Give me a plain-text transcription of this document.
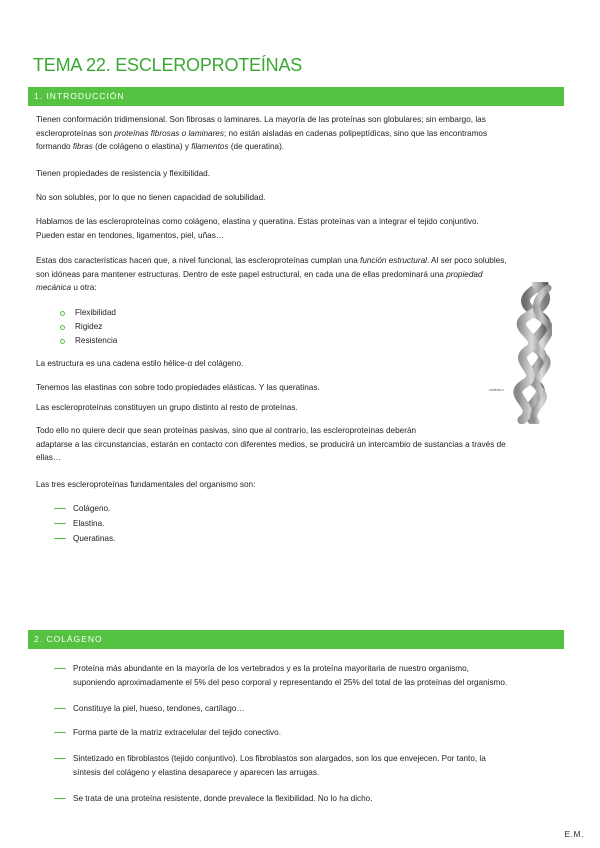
TEMA 22. ESCLEROPROTEÍNAS
1. INTRODUCCIÓN
Tienen conformación tridimensional. Son fibrosas o laminares. La mayoría de las proteínas son globulares; sin embargo, las
escleroproteínas son proteínas fibrosas o laminares; no están aisladas en cadenas polipeptídicas, sino que las encontramos
formando fibras (de colágeno o elastina) y filamentos (de queratina).
Tienen propiedades de resistencia y flexibilidad.
No son solubles, por lo que no tienen capacidad de solubilidad.
Hablamos de las escleroproteínas como colágeno, elastina y queratina. Estas proteínas van a integrar el tejido conjuntivo.
Pueden estar en tendones, ligamentos, piel, uñas…
Estas dos características hacen que, a nivel funcional, las escleroproteínas cumplan una función estructural. Al ser poco solubles,
son idóneas para mantener estructuras. Dentro de este papel estructural, en cada una de ellas predominará una propiedad
mecánica u otra:
Flexibilidad
Rigidez
Resistencia
La estructura es una cadena estilo hélice-α del colágeno.
Tenemos las elastinas con sobre todo propiedades elásticas. Y las queratinas.
Las escleroproteínas constituyen un grupo distinto al resto de proteínas.
Todo ello no quiere decir que sean proteínas pasivas, sino que al contrario, las escleroproteínas deberán
adaptarse a las circunstancias, estarán en contacto con diferentes medios, se producirá un intercambio de sustancias a través de
ellas…
Las tres escleroproteínas fundamentales del organismo son:
Colágeno.
Elastina.
Queratinas.
cadena α
2. COLÁGENO
Proteína más abundante en la mayoría de los vertebrados y es la proteína mayoritaria de nuestro organismo,
suponiendo aproximadamente el 5% del peso corporal y representando el 25% del total de las proteínas del organismo.
Constituye la piel, hueso, tendones, cartílago…
Forma parte de la matriz extracelular del tejido conectivo.
Sintetizado en fibroblastos (tejido conjuntivo). Los fibroblastos son alargados, son los que envejecen. Por tanto, la
síntesis del colágeno y elastina desaparece y aparecen las arrugas.
Se trata de una proteína resistente, donde prevalece la flexibilidad. No lo ha dicho.
E.M.
